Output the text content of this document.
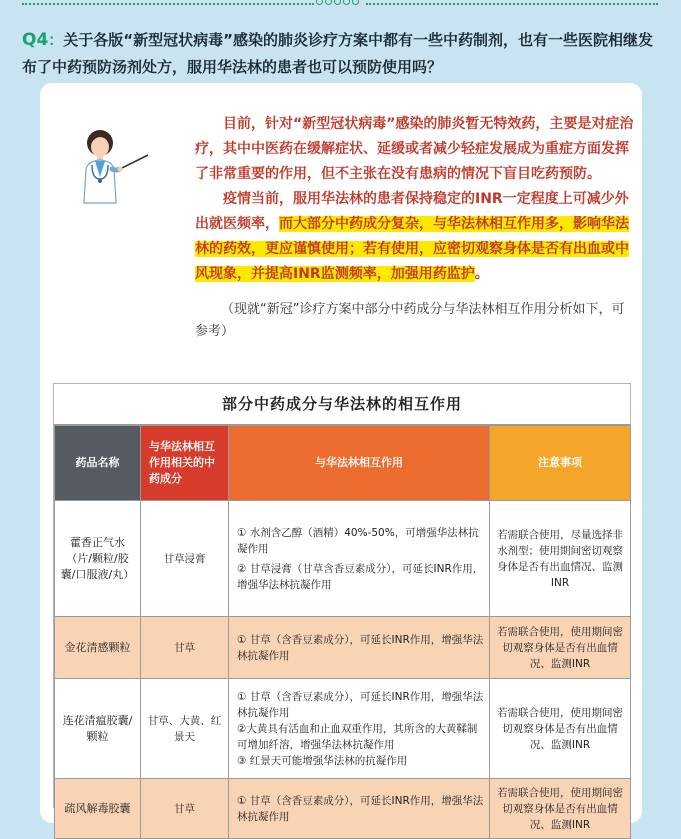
Q4：关于各版“新型冠状病毒”感染的肺炎诊疗方案中都有一些中药制剂，也有一些医院相继发布了中药预防汤剂处方，服用华法林的患者也可以预防使用吗？

目前，针对“新型冠状病毒”感染的肺炎暂无特效药，主要是对症治疗，其中中医药在缓解症状、延缓或者减少轻症发展成为重症方面发挥了非常重要的作用，但不主张在没有患病的情况下盲目吃药预防。

疫情当前，服用华法林的患者保持稳定的INR一定程度上可减少外出就医频率，而大部分中药成分复杂，与华法林相互作用多，影响华法林的药效，更应谨慎使用；若有使用，应密切观察身体是否有出血或中风现象，并提高INR监测频率，加强用药监护。

（现就“新冠”诊疗方案中部分中药成分与华法林相互作用分析如下，可参考）
部分中药成分与华法林的相互作用
药品名称	与华法林相互作用相关的中药成分	与华法林相互作用	注意事项
藿香正气水（片/颗粒/胶囊/口服液/丸）	甘草浸膏	① 水剂含乙醇（酒精）40%-50%，可增强华法林抗凝作用
② 甘草浸膏（甘草含香豆素成分），可延长INR作用，增强华法林抗凝作用	若需联合使用，尽量选择非水剂型；使用期间密切观察身体是否有出血情况、监测INR
金花清感颗粒	甘草	① 甘草（含香豆素成分），可延长INR作用，增强华法林抗凝作用	若需联合使用，使用期间密切观察身体是否有出血情况、监测INR
连花清瘟胶囊/颗粒	甘草、大黄、红景天	① 甘草（含香豆素成分），可延长INR作用，增强华法林抗凝作用
②大黄具有活血和止血双重作用，其所含的大黄鞣制可增加纤溶，增强华法林抗凝作用
③ 红景天可能增强华法林的抗凝作用	若需联合使用，使用期间密切观察身体是否有出血情况、监测INR
疏风解毒胶囊	甘草	① 甘草（含香豆素成分），可延长INR作用，增强华法林抗凝作用	若需联合使用，使用期间密切观察身体是否有出血情况、监测INR
